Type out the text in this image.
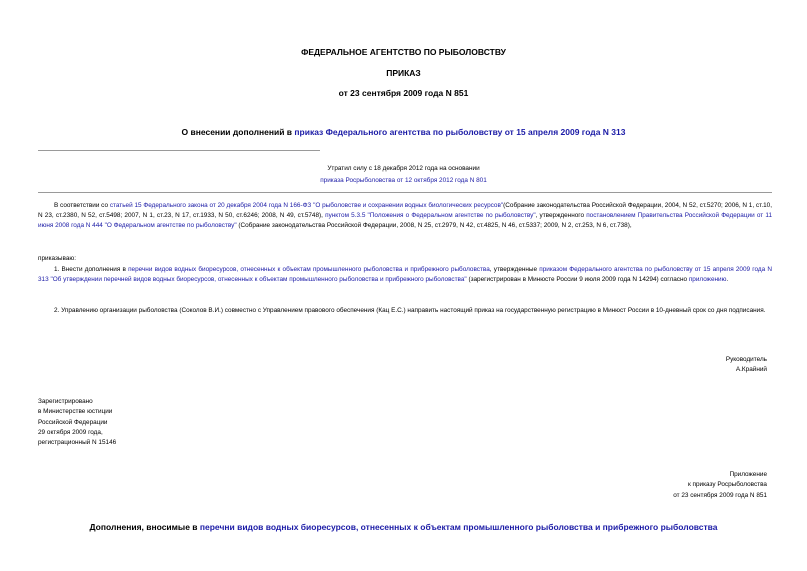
ФЕДЕРАЛЬНОЕ АГЕНТСТВО ПО РЫБОЛОВСТВУ
ПРИКАЗ
от 23 сентября 2009 года N 851
О внесении дополнений в приказ Федерального агентства по рыболовству от 15 апреля 2009 года N 313
Утратил силу с 18 декабря 2012 года на основании
приказа Росрыболовства от 12 октября 2012 года N 801
В соответствии со статьей 15 Федерального закона от 20 декабря 2004 года N 166-ФЗ "О рыболовстве и сохранении водных биологических ресурсов"(Собрание законодательства Российской Федерации, 2004, N 52, ст.5270; 2006, N 1, ст.10, N 23, ст.2380, N 52, ст.5498; 2007, N 1, ст.23, N 17, ст.1933, N 50, ст.6246; 2008, N 49, ст.5748), пунктом 5.3.5 "Положения о Федеральном агентстве по рыболовству", утвержденного постановлением Правительства Российской Федерации от 11 июня 2008 года N 444 "О Федеральном агентстве по рыболовству" (Собрание законодательства Российской Федерации, 2008, N 25, ст.2979, N 42, ст.4825, N 46, ст.5337; 2009, N 2, ст.253, N 6, ст.738),
приказываю:
1. Внести дополнения в перечни видов водных биоресурсов, отнесенных к объектам промышленного рыболовства и прибрежного рыболовства, утвержденные приказом Федерального агентства по рыболовству от 15 апреля 2009 года N 313 "Об утверждении перечней видов водных биоресурсов, отнесенных к объектам промышленного рыболовства и прибрежного рыболовства" (зарегистрирован в Минюсте России 9 июля 2009 года N 14294) согласно приложению.
2. Управлению организации рыболовства (Соколов В.И.) совместно с Управлением правового обеспечения (Кац Е.С.) направить настоящий приказ на государственную регистрацию в Минюст России в 10-дневный срок со дня подписания.
Руководитель
А.Крайний
Зарегистрировано
в Министерстве юстиции
Российской Федерации
29 октября 2009 года,
регистрационный N 15146
Приложение
к приказу Росрыболовства
от 23 сентября 2009 года N 851
Дополнения, вносимые в перечни видов водных биоресурсов, отнесенных к объектам промышленного рыболовства и прибрежного рыболовства
